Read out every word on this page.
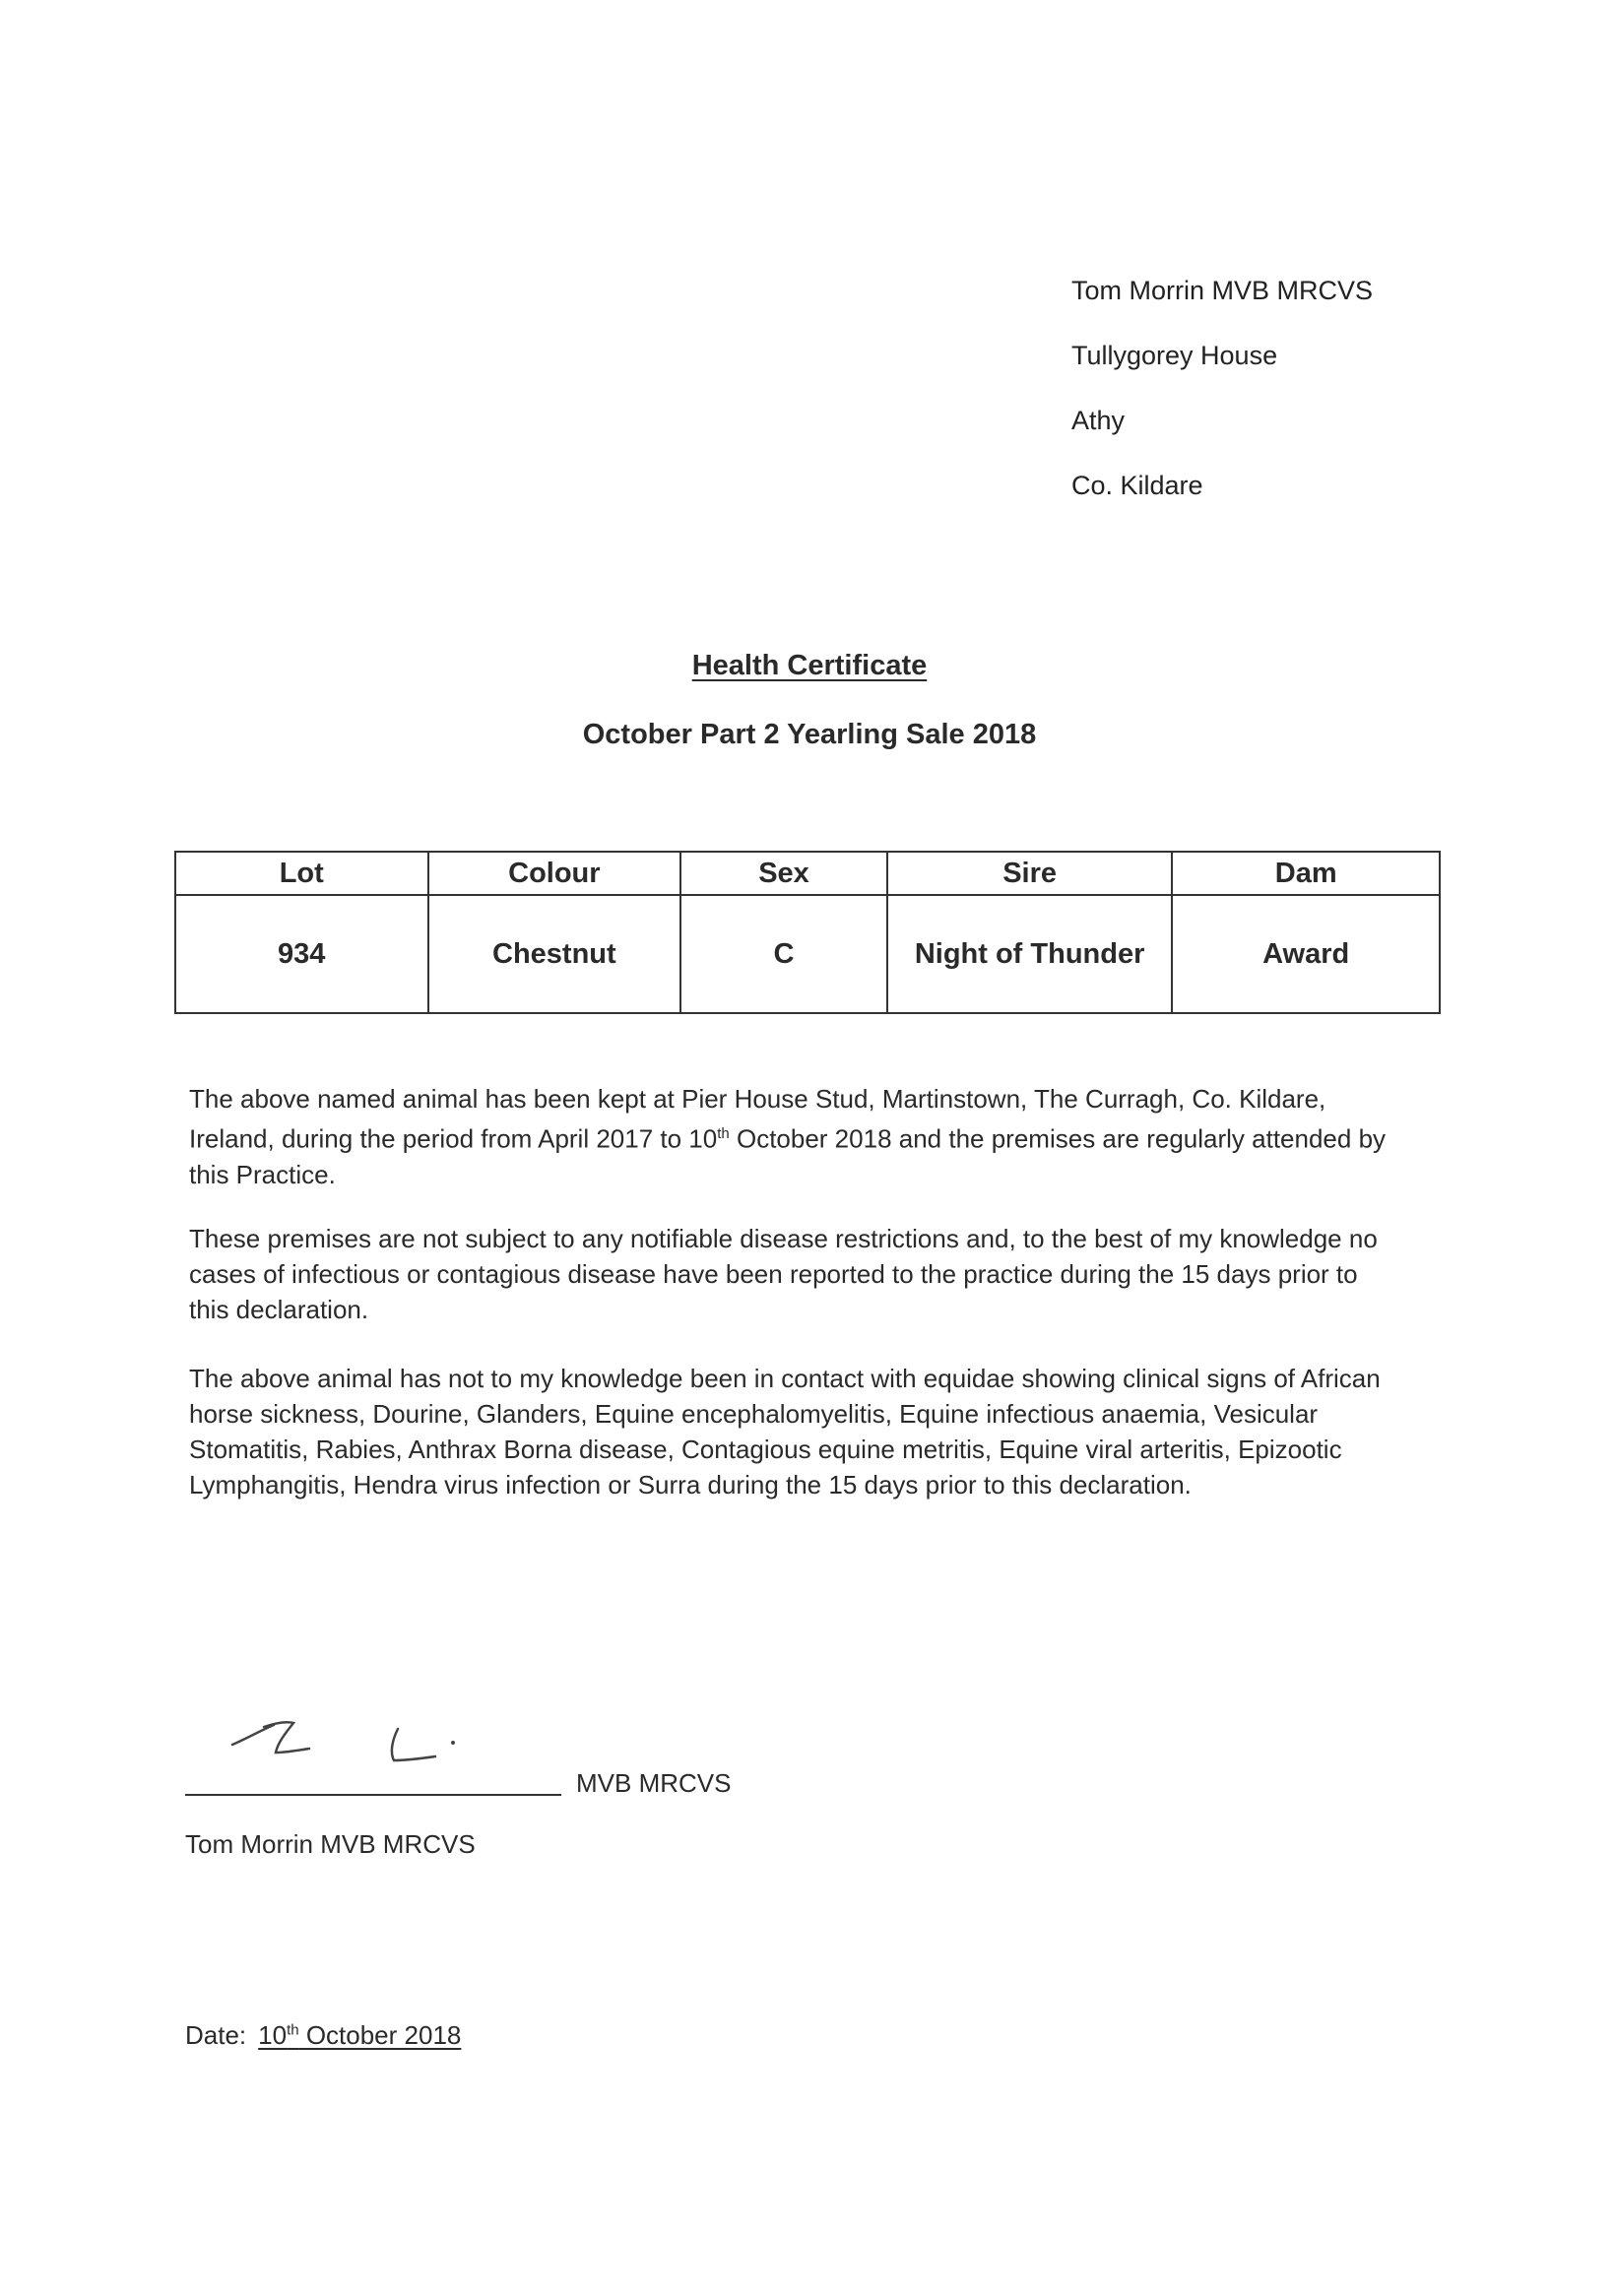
Tom Morrin MVB MRCVS
Tullygorey House
Athy
Co. Kildare
Health Certificate
October Part 2 Yearling Sale 2018
Lot	Colour	Sex	Sire	Dam
934	Chestnut	C	Night of Thunder	Award
The above named animal has been kept at Pier House Stud, Martinstown, The Curragh, Co. Kildare, Ireland, during the period from April 2017 to 10th October 2018 and the premises are regularly attended by this Practice.
These premises are not subject to any notifiable disease restrictions and, to the best of my knowledge no cases of infectious or contagious disease have been reported to the practice during the 15 days prior to this declaration.
The above animal has not to my knowledge been in contact with equidae showing clinical signs of African horse sickness, Dourine, Glanders, Equine encephalomyelitis, Equine infectious anaemia, Vesicular Stomatitis, Rabies, Anthrax Borna disease, Contagious equine metritis, Equine viral arteritis, Epizootic Lymphangitis, Hendra virus infection or Surra during the 15 days prior to this declaration.
MVB MRCVS
Tom Morrin MVB MRCVS
Date: 10th October 2018
